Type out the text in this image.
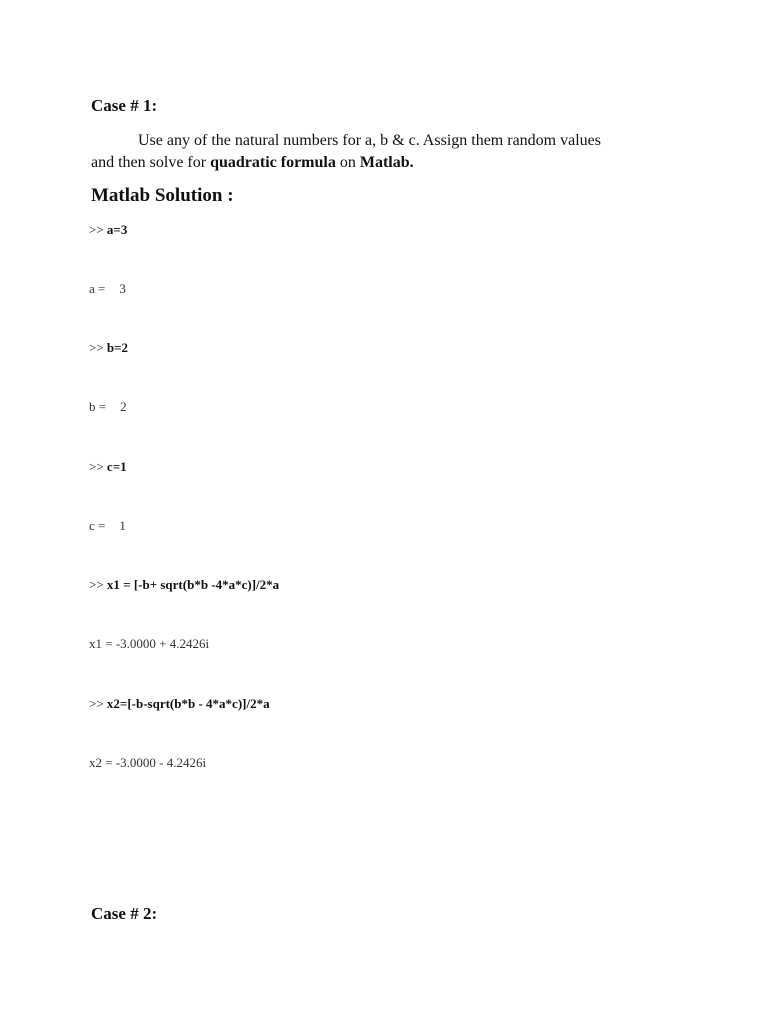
Case # 1:
Use any of the natural numbers for a, b & c. Assign them random values
and then solve for quadratic formula on Matlab.
Matlab Solution :
>> a=3
a = 3
>> b=2
b = 2
>> c=1
c = 1
>> x1 = [-b+ sqrt(b*b -4*a*c)]/2*a
x1 = -3.0000 + 4.2426i
>> x2=[-b-sqrt(b*b - 4*a*c)]/2*a
x2 = -3.0000 - 4.2426i
Case # 2:
